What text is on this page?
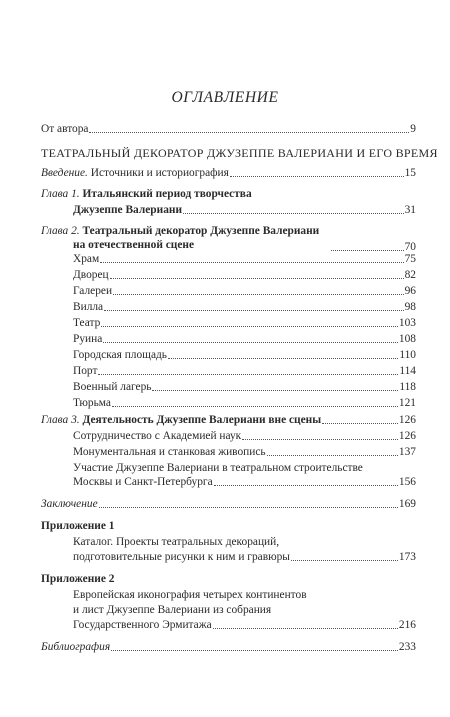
ОГЛАВЛЕНИЕ
От автора	9
ТЕАТРАЛЬНЫЙ ДЕКОРАТОР ДЖУЗЕППЕ ВАЛЕРИАНИ И ЕГО ВРЕМЯ
Введение. Источники и историография	15
Глава 1. Итальянский период творчества
Джузеппе Валериани	31
Глава 2. Театральный декоратор Джузеппе Валериани
на отечественной сцене	70
Храм	75
Дворец	82
Галереи	96
Вилла	98
Театр	103
Руина	108
Городская площадь	110
Порт	114
Военный лагерь	118
Тюрьма	121
Глава 3. Деятельность Джузеппе Валериани вне сцены	126
Сотрудничество с Академией наук	126
Монументальная и станковая живопись	137
Участие Джузеппе Валериани в театральном строительстве
Москвы и Санкт-Петербурга	156
Заключение	169
Приложение 1
Каталог. Проекты театральных декораций,
подготовительные рисунки к ним и гравюры	173
Приложение 2
Европейская иконография четырех континентов
и лист Джузеппе Валериани из собрания
Государственного Эрмитажа	216
Библиография	233
